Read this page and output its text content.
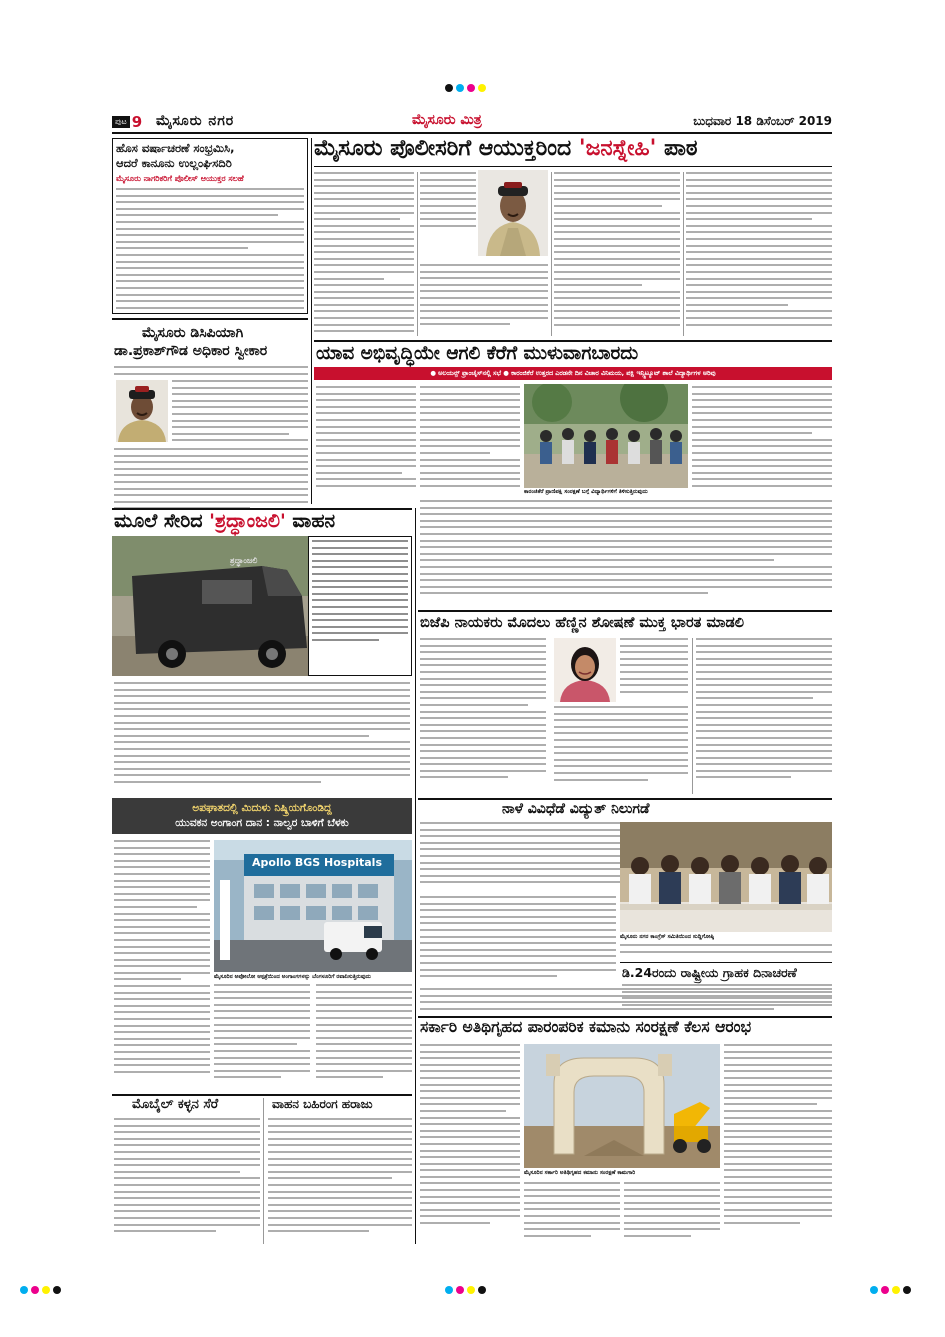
ಪುಟ 9 ಮೈಸೂರು ನಗರ	ಮೈಸೂರು ಮಿತ್ರ	ಬುಧವಾರ 18 ಡಿಸೆಂಬರ್ 2019
ಹೊಸ ವರ್ಷಾಚರಣೆ ಸಂಭ್ರಮಿಸಿ,
ಆದರೆ ಕಾನೂನು ಉಲ್ಲಂಘಿಸದಿರಿ
ಮೈಸೂರು ನಾಗರಿಕರಿಗೆ ಪೊಲೀಸ್ ಆಯುಕ್ತರ ಸಲಹೆ
ಮೈಸೂರು ಪೊಲೀಸರಿಗೆ ಆಯುಕ್ತರಿಂದ 'ಜನಸ್ನೇಹಿ' ಪಾಠ
ಮೈಸೂರು ಡಿಸಿಪಿಯಾಗಿ
ಡಾ.ಪ್ರಕಾಶ್‌ಗೌಡ ಅಧಿಕಾರ ಸ್ವೀಕಾರ	ಯಾವ ಅಭಿವೃದ್ಧಿಯೇ ಆಗಲಿ ಕೆರೆಗೆ ಮುಳುವಾಗಬಾರದು
● ಅಲಯನ್ಸ್ ಫ್ರಾಂಚೈಸ್‌ನಲ್ಲಿ ಸಭೆ ● ಕಾರಂಜಿಕೆರೆ ಉತ್ತರದ ಎರಡನೇ ದಿನ ವಿಚಾರ ವಿನಿಮಯ, ಪಕ್ಷಿ ಇನ್ಸ್ಟಿಟ್ಯೂಟ್ ಶಾಲೆ ವಿದ್ಯಾರ್ಥಿಗಳ ಅರಿವು
ಕಾರಂಜಿಕೆರೆ ಪ್ರಾಣಿಪಕ್ಷಿ ಸಂರಕ್ಷಣೆ ಬಗ್ಗೆ ವಿದ್ಯಾರ್ಥಿಗಳಿಗೆ ತಿಳಿಸುತ್ತಿರುವುದು
ಮೂಲೆ ಸೇರಿದ 'ಶ್ರದ್ಧಾಂಜಲಿ' ವಾಹನ
ಶ್ರದ್ಧಾಂಜಲಿ
ಬಿಜೆಪಿ ನಾಯಕರು ಮೊದಲು ಹೆಣ್ಣಿನ ಶೋಷಣೆ ಮುಕ್ತ ಭಾರತ ಮಾಡಲಿ
ಅಪಘಾತದಲ್ಲಿ ಮಿದುಳು ನಿಷ್ಕ್ರಿಯಗೊಂಡಿದ್ದ
ಯುವಕನ ಅಂಗಾಂಗ ದಾನ : ನಾಲ್ವರ ಬಾಳಿಗೆ ಬೆಳಕು
Apollo BGS Hospitals
ಮೈಸೂರಿನ ಅಪೋಲೋ ಆಸ್ಪತ್ರೆಯಿಂದ ಅಂಗಾಂಗಗಳನ್ನು ಬೆಂಗಳೂರಿಗೆ ರವಾನಿಸುತ್ತಿರುವುದು
ನಾಳೆ ವಿವಿಧೆಡೆ ವಿದ್ಯುತ್ ನಿಲುಗಡೆ
ಮೈಸೂರು ನಗರ ಕಾಂಗ್ರೆಸ್ ಸಮಿತಿಯಿಂದ ಸುದ್ದಿಗೋಷ್ಠಿ
ಡಿ.24ರಂದು ರಾಷ್ಟ್ರೀಯ ಗ್ರಾಹಕ ದಿನಾಚರಣೆ
ಸರ್ಕಾರಿ ಅತಿಥಿಗೃಹದ ಪಾರಂಪರಿಕ ಕಮಾನು ಸಂರಕ್ಷಣೆ ಕೆಲಸ ಆರಂಭ
ಮೈಸೂರಿನ ಸರ್ಕಾರಿ ಅತಿಥಿಗೃಹದ ಕಮಾನು ಸಂರಕ್ಷಣೆ ಕಾಮಗಾರಿ
ಮೊಬೈಲ್ ಕಳ್ಳನ ಸೆರೆ	ವಾಹನ ಬಹಿರಂಗ ಹರಾಜು
